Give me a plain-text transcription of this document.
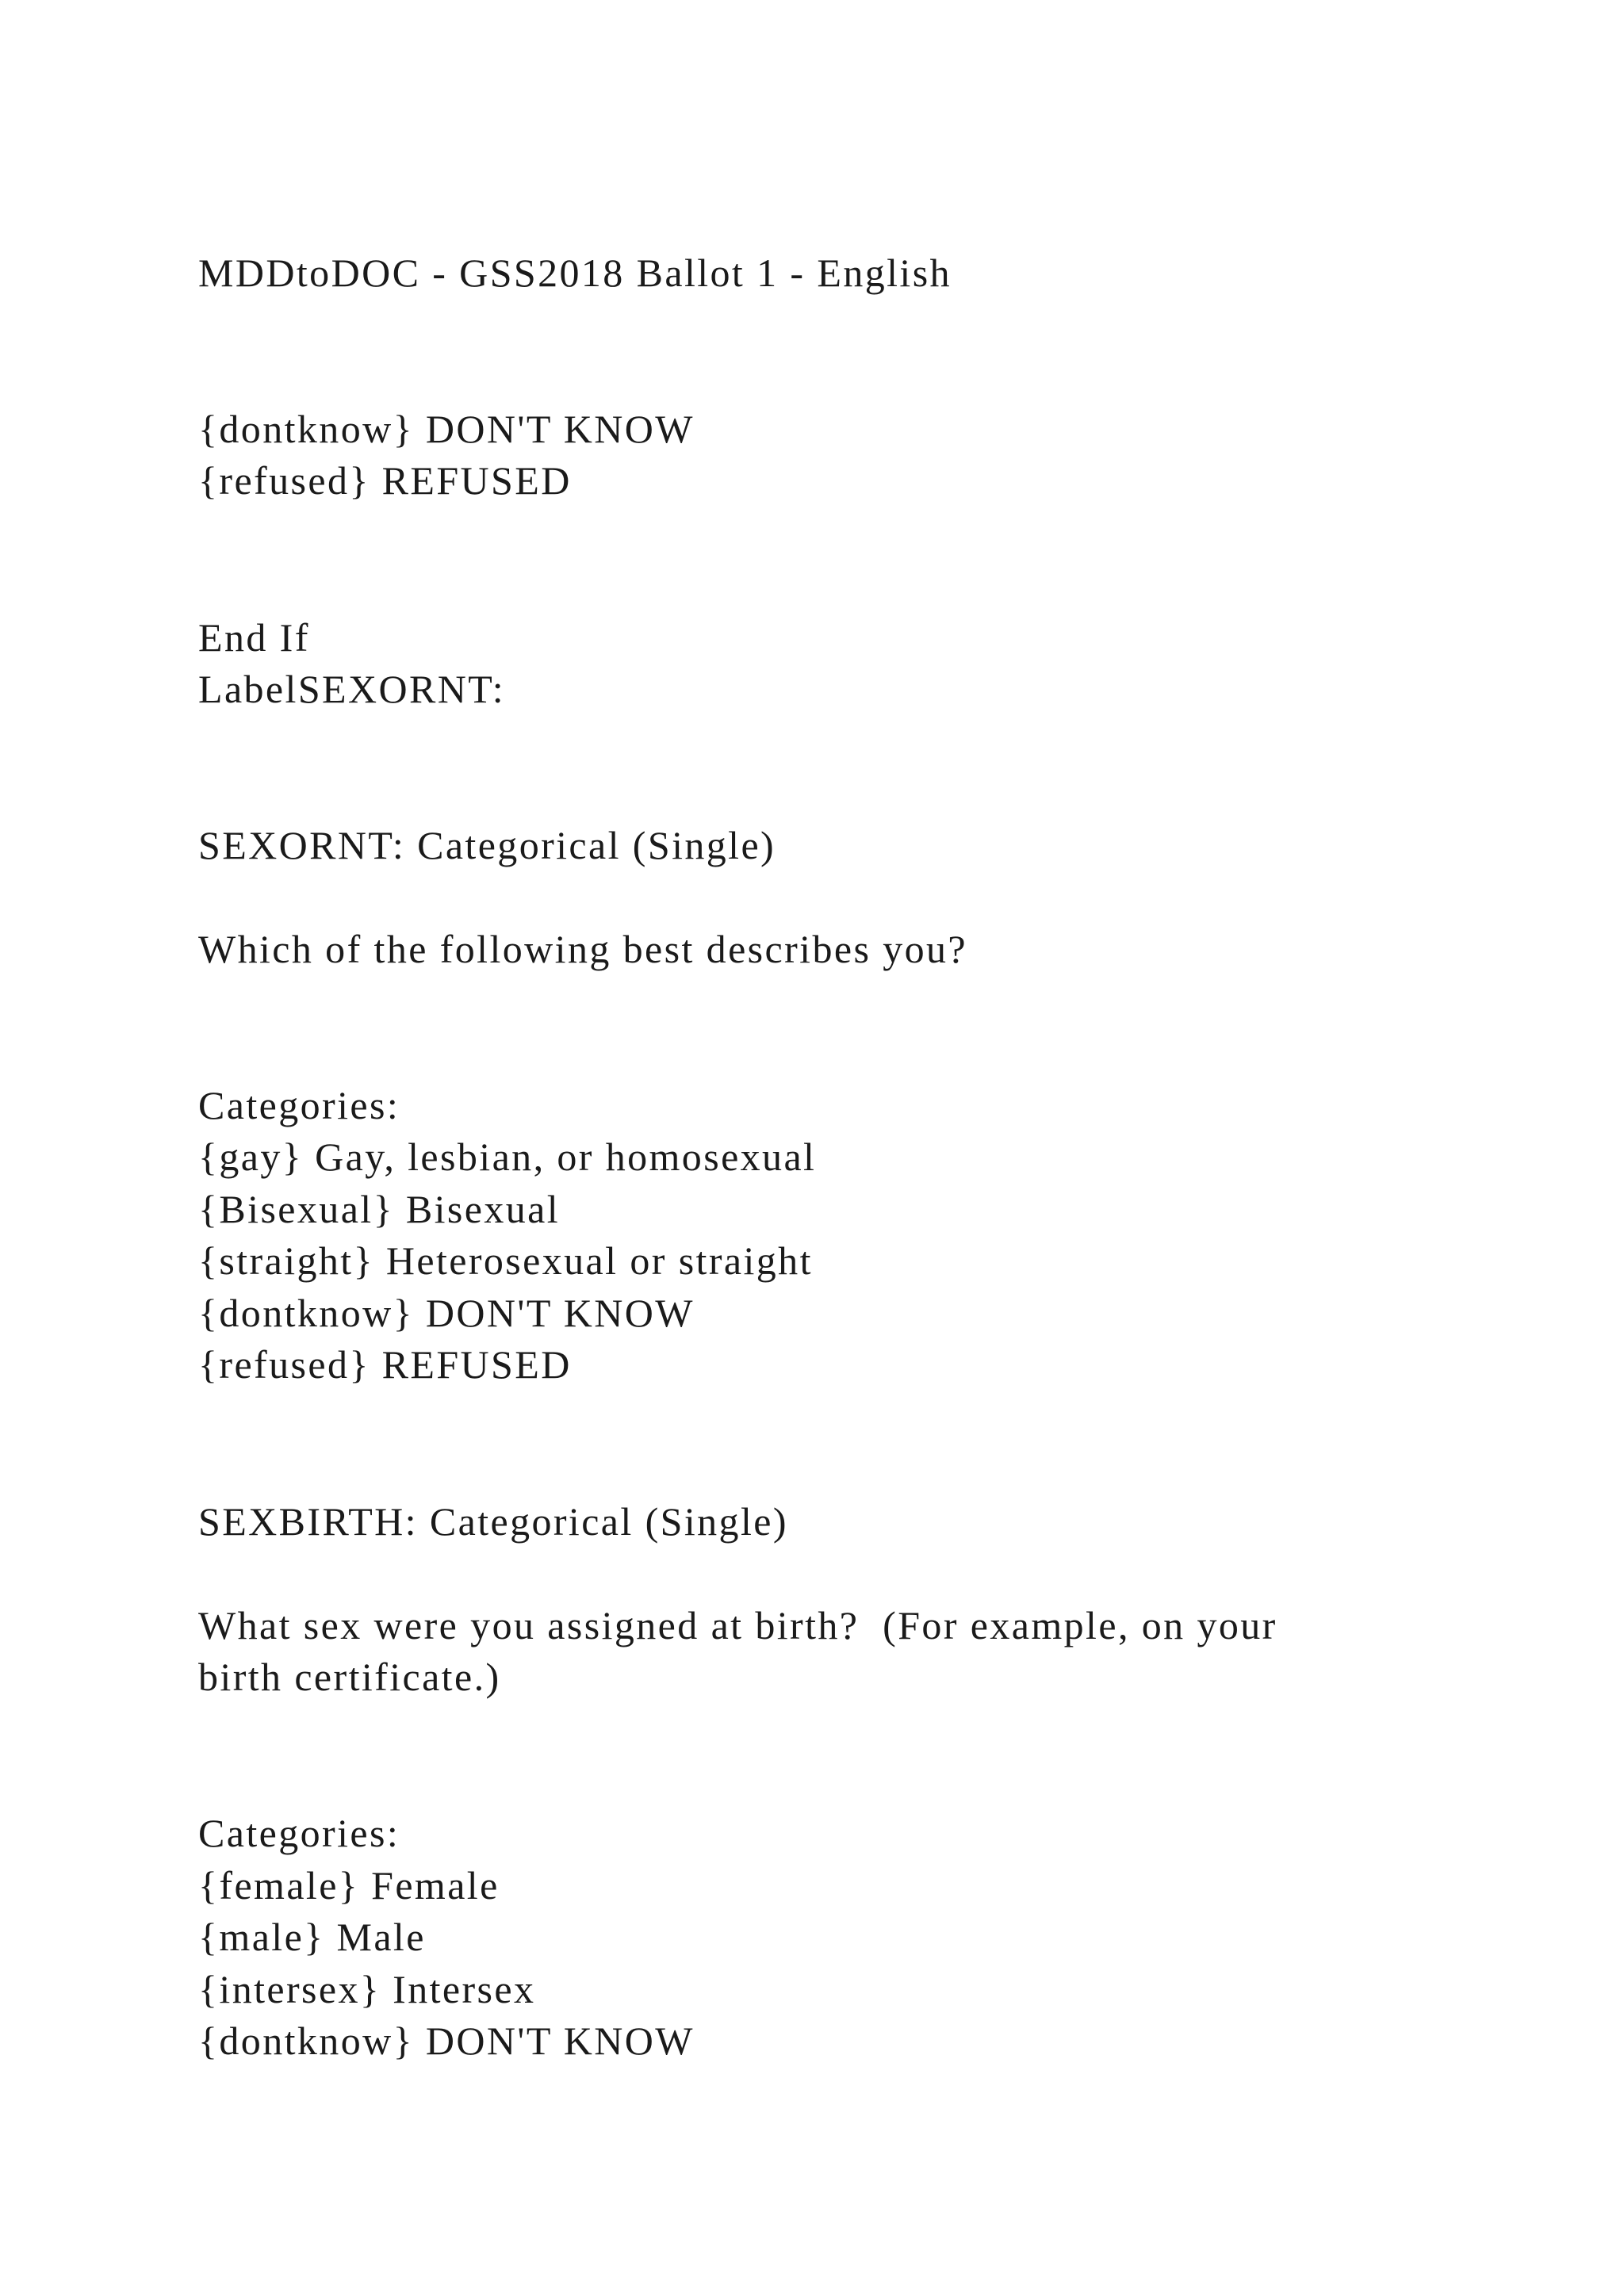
MDDtoDOC - GSS2018 Ballot 1 - English

{dontknow} DON'T KNOW

{refused} REFUSED

End If

LabelSEXORNT:

SEXORNT: Categorical (Single)

Which of the following best describes you?

Categories:

{gay} Gay, lesbian, or homosexual

{Bisexual} Bisexual

{straight} Heterosexual or straight

{dontknow} DON'T KNOW

{refused} REFUSED

SEXBIRTH: Categorical (Single)

What sex were you assigned at birth?  (For example, on your

birth certificate.)

Categories:

{female} Female

{male} Male

{intersex} Intersex

{dontknow} DON'T KNOW
